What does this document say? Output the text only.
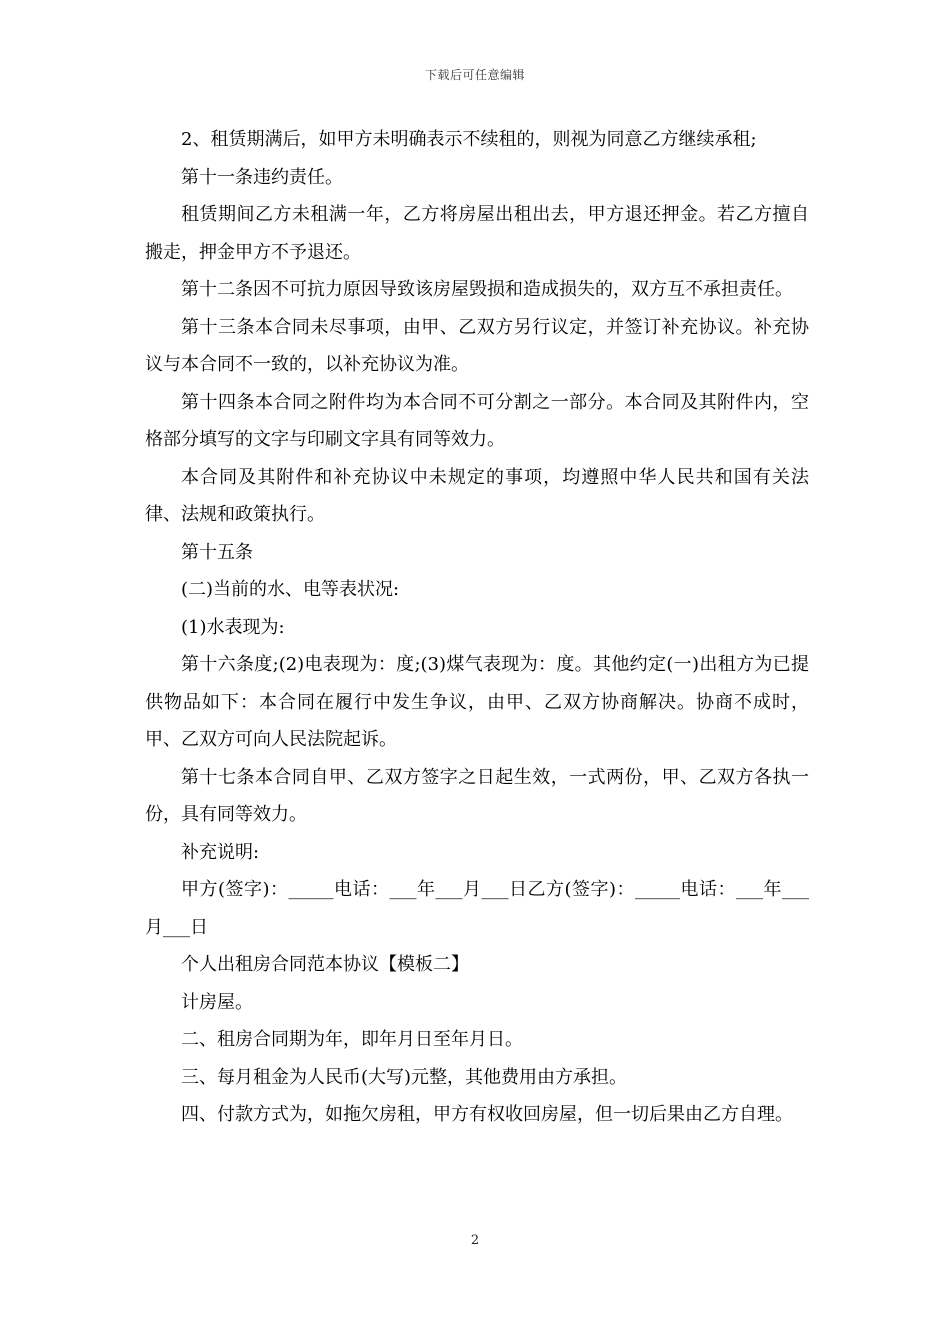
下载后可任意编辑

2、租赁期满后，如甲方未明确表示不续租的，则视为同意乙方继续承租;

第十一条违约责任。

租赁期间乙方未租满一年，乙方将房屋出租出去，甲方退还押金。若乙方擅自搬走，押金甲方不予退还。

第十二条因不可抗力原因导致该房屋毁损和造成损失的，双方互不承担责任。

第十三条本合同未尽事项，由甲、乙双方另行议定，并签订补充协议。补充协议与本合同不一致的，以补充协议为准。

第十四条本合同之附件均为本合同不可分割之一部分。本合同及其附件内，空格部分填写的文字与印刷文字具有同等效力。

本合同及其附件和补充协议中未规定的事项，均遵照中华人民共和国有关法律、法规和政策执行。

第十五条

(二)当前的水、电等表状况:

(1)水表现为:

第十六条度;(2)电表现为：度;(3)煤气表现为：度。其他约定(一)出租方为已提供物品如下：本合同在履行中发生争议，由甲、乙双方协商解决。协商不成时，甲、乙双方可向人民法院起诉。

第十七条本合同自甲、乙双方签字之日起生效，一式两份，甲、乙双方各执一份，具有同等效力。

补充说明:

甲方(签字)：_____电话：___年___月___日乙方(签字)：_____电话：___年___月___日

个人出租房合同范本协议【模板二】

计房屋。

二、租房合同期为年，即年月日至年月日。

三、每月租金为人民币(大写)元整，其他费用由方承担。

四、付款方式为，如拖欠房租，甲方有权收回房屋，但一切后果由乙方自理。

2
